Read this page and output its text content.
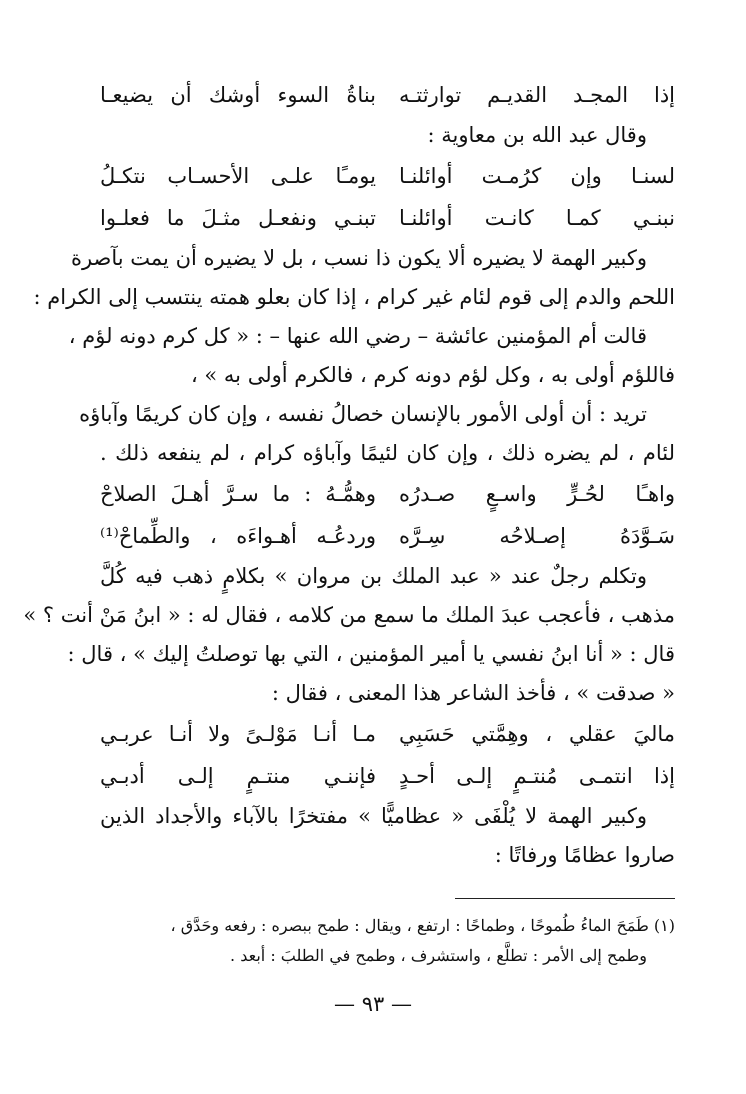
إذا المجـد القديـم توارثتـه
بناةُ السوء أوشك أن يضيعـا
وقال عبد الله بن معاوية :
لسنـا وإن كرُمـت أوائلنـا
يومـًا علـى الأحسـاب نتكـلُ
نبنـي كمـا كانـت أوائلنـا
تبنـي ونفعـل مثـلَ ما فعلـوا
وكبير الهمة لا يضيره ألا يكون ذا نسب ، بل لا يضيره أن يمت بآصرة
اللحم والدم إلى قوم لئام غير كرام ، إذا كان بعلو همته ينتسب إلى الكرام :
قالت أم المؤمنين عائشة – رضي الله عنها – : « كل كرم دونه لؤم ،
فاللؤم أولى به ، وكل لؤم دونه كرم ، فالكرم أولى به » ،
تريد : أن أولى الأمور بالإنسان خصالُ نفسه ، وإن كان كريمًا وآباؤه
لئام ، لم يضره ذلك ، وإن كان لئيمًا وآباؤه كرام ، لم ينفعه ذلك .
واهـًا لحُـرٍّ واسـعٍ صـدرُه
وهمُّـهُ : ما سـرَّ أهـلَ الصلاحْ
سَـوَّدَهُ إصـلاحُه سِـرَّه
وردعُـه أهـواءَه ، والطِّماحْ⁽¹⁾
وتكلم رجلٌ عند « عبد الملك بن مروان » بكلامٍ ذهب فيه كُلَّ
مذهب ، فأعجب عبدَ الملك ما سمع من كلامه ، فقال له : « ابنُ مَنْ أنت ؟ »
قال : « أنا ابنُ نفسي يا أمير المؤمنين ، التي بها توصلتُ إليك » ، قال :
« صدقت » ، فأخذ الشاعر هذا المعنى ، فقال :
ماليَ عقلي ، وهِمَّتي حَسَبِي
مـا أنـا مَوْلـىً ولا أنـا عربـي
إذا انتمـى مُنتـمٍ إلـى أحـدٍ
فإننـي منتـمٍ إلـى أدبـي
وكبير الهمة لا يُلْفَى « عظاميًّا » مفتخرًا بالآباء والأجداد الذين
صاروا عظامًا ورفاتًا :
(١) طَمَحَ الماءُ طُموحًا ، وطماحًا : ارتفع ، ويقال : طمح ببصره : رفعه وحَدَّق ،
وطمح إلى الأمر : تطلَّع ، واستشرف ، وطمح في الطلبَ : أبعد .
— ٩٣ —
